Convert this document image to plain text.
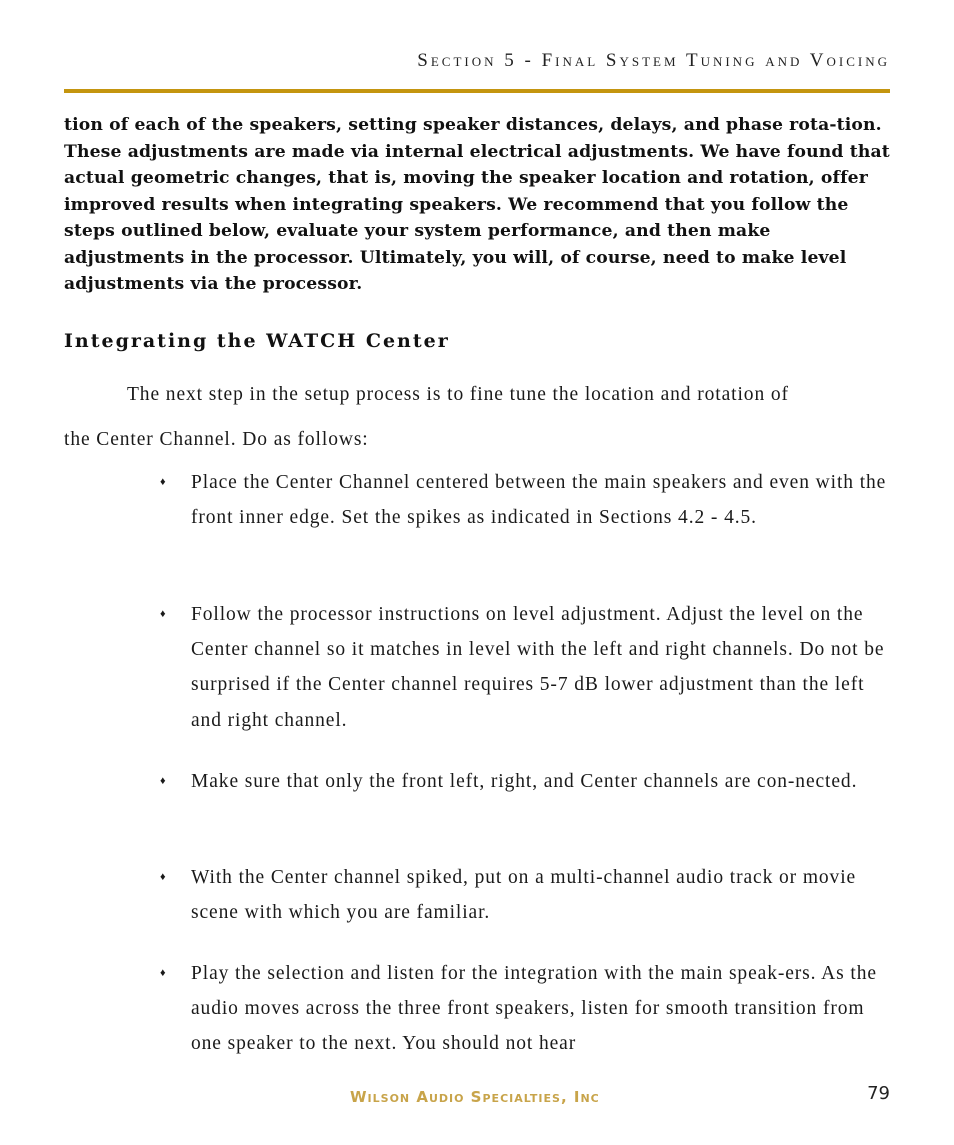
Section 5 - Final System Tuning and Voicing

tion of each of the speakers, setting speaker distances, delays, and phase rota-tion. These adjustments are made via internal electrical adjustments. We have found that actual geometric changes, that is, moving the speaker location and rotation, offer improved results when integrating speakers. We recommend that you follow the steps outlined below, evaluate your system performance, and then make adjustments in the processor. Ultimately, you will, of course, need to make level adjustments via the processor.

Integrating the WATCH Center

The next step in the setup process is to fine tune the location and rotation of

the Center Channel. Do as follows:

♦ Place the Center Channel centered between the main speakers and even with the front inner edge. Set the spikes as indicated in Sections 4.2 - 4.5.
♦ Follow the processor instructions on level adjustment. Adjust the level on the Center channel so it matches in level with the left and right channels. Do not be surprised if the Center channel requires 5-7 dB lower adjustment than the left and right channel.
♦ Make sure that only the front left, right, and Center channels are con-nected.
♦ With the Center channel spiked, put on a multi-channel audio track or movie scene with which you are familiar.
♦ Play the selection and listen for the integration with the main speak-ers. As the audio moves across the three front speakers, listen for smooth transition from one speaker to the next. You should not hear
Wilson Audio Specialties, Inc	79
